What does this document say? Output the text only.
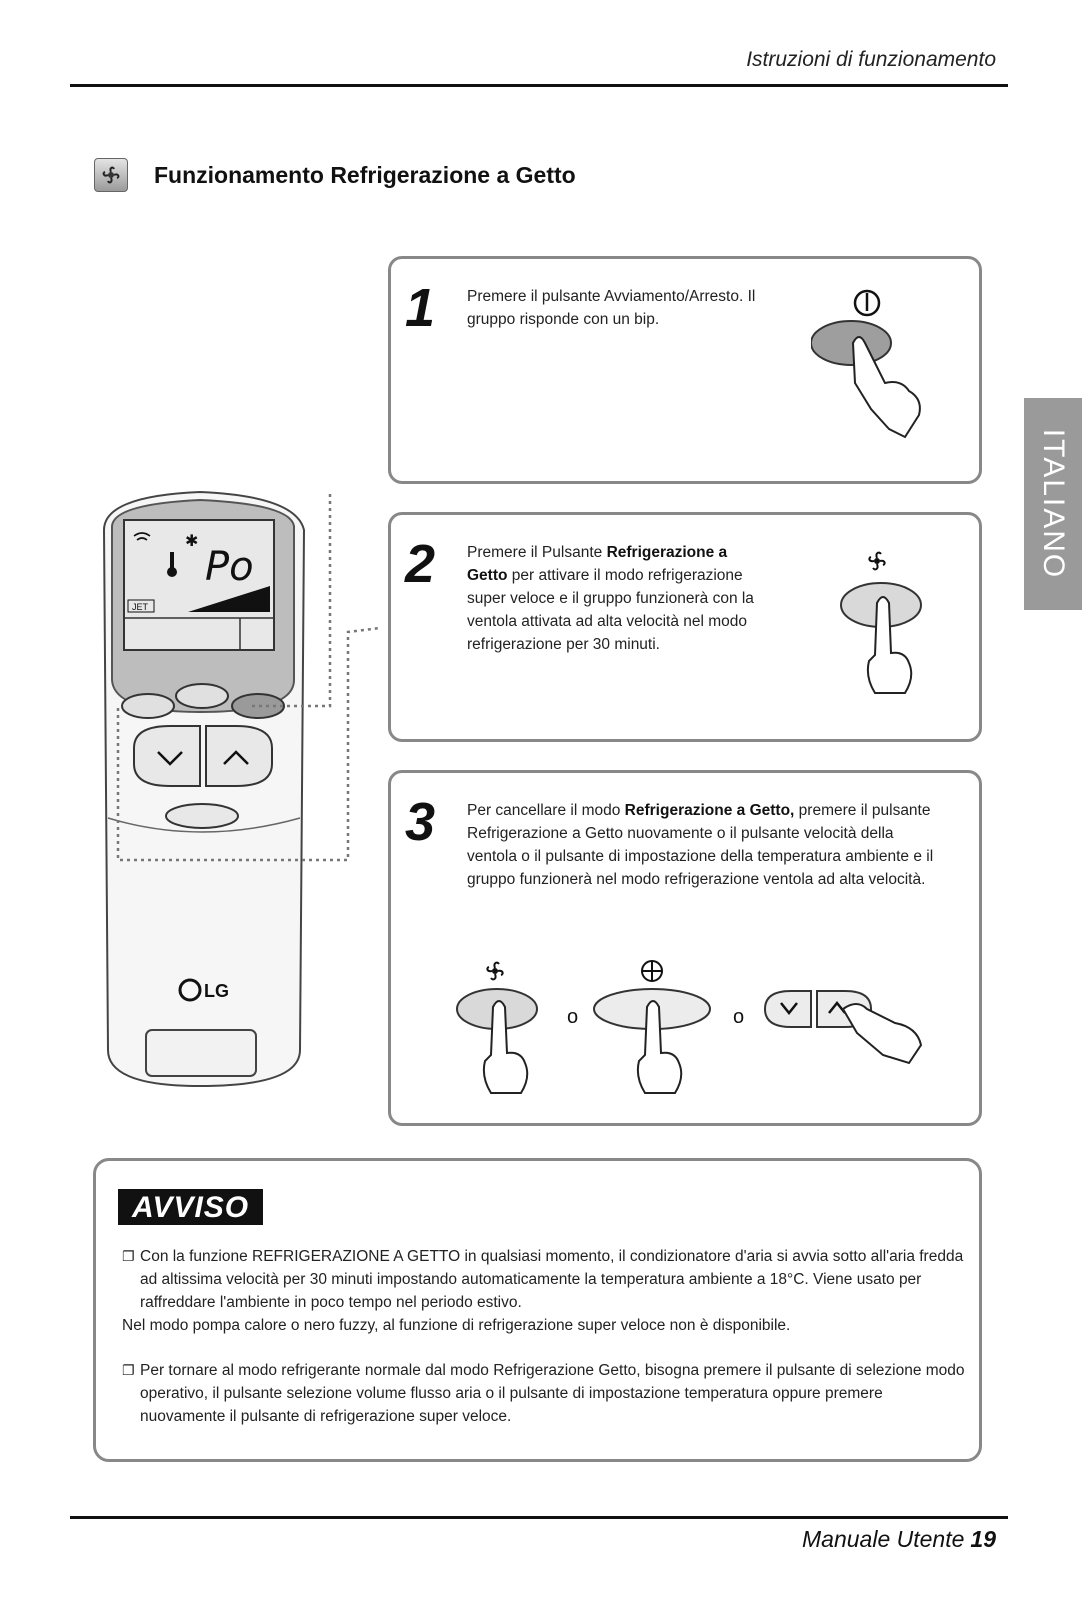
Istruzioni di funzionamento
Funzionamento Refrigerazione a Getto
ITALIANO
Po
JET
✱
LG
1 Premere il pulsante Avviamento/Arresto. Il gruppo risponde con un bip.
2 Premere il Pulsante Refrigerazione a Getto per attivare il modo refrigerazione super veloce e il gruppo funzionerà con la ventola attivata ad alta velocità nel modo refrigerazione per 30 minuti.
3 Per cancellare il modo Refrigerazione a Getto, premere il pulsante Refrigerazione a Getto nuovamente o il pulsante velocità della ventola o il pulsante di impostazione della temperatura ambiente e il gruppo funzionerà nel modo refrigerazione ventola ad alta velocità.
o	o
AVVISO
❐ Con la funzione REFRIGERAZIONE A GETTO in qualsiasi momento, il condizionatore d'aria si avvia sotto all'aria fredda ad altissima velocità per 30 minuti impostando automaticamente la temperatura ambiente a 18°C. Viene usato per raffreddare l'ambiente in poco tempo nel periodo estivo.
Nel modo pompa calore o nero fuzzy, al funzione di refrigerazione super veloce non è disponibile.
❐ Per tornare al modo refrigerante normale dal modo Refrigerazione Getto, bisogna premere il pulsante di selezione modo operativo, il pulsante selezione volume flusso aria o il pulsante di impostazione temperatura oppure premere nuovamente il pulsante di refrigerazione super veloce.
Manuale Utente 19
